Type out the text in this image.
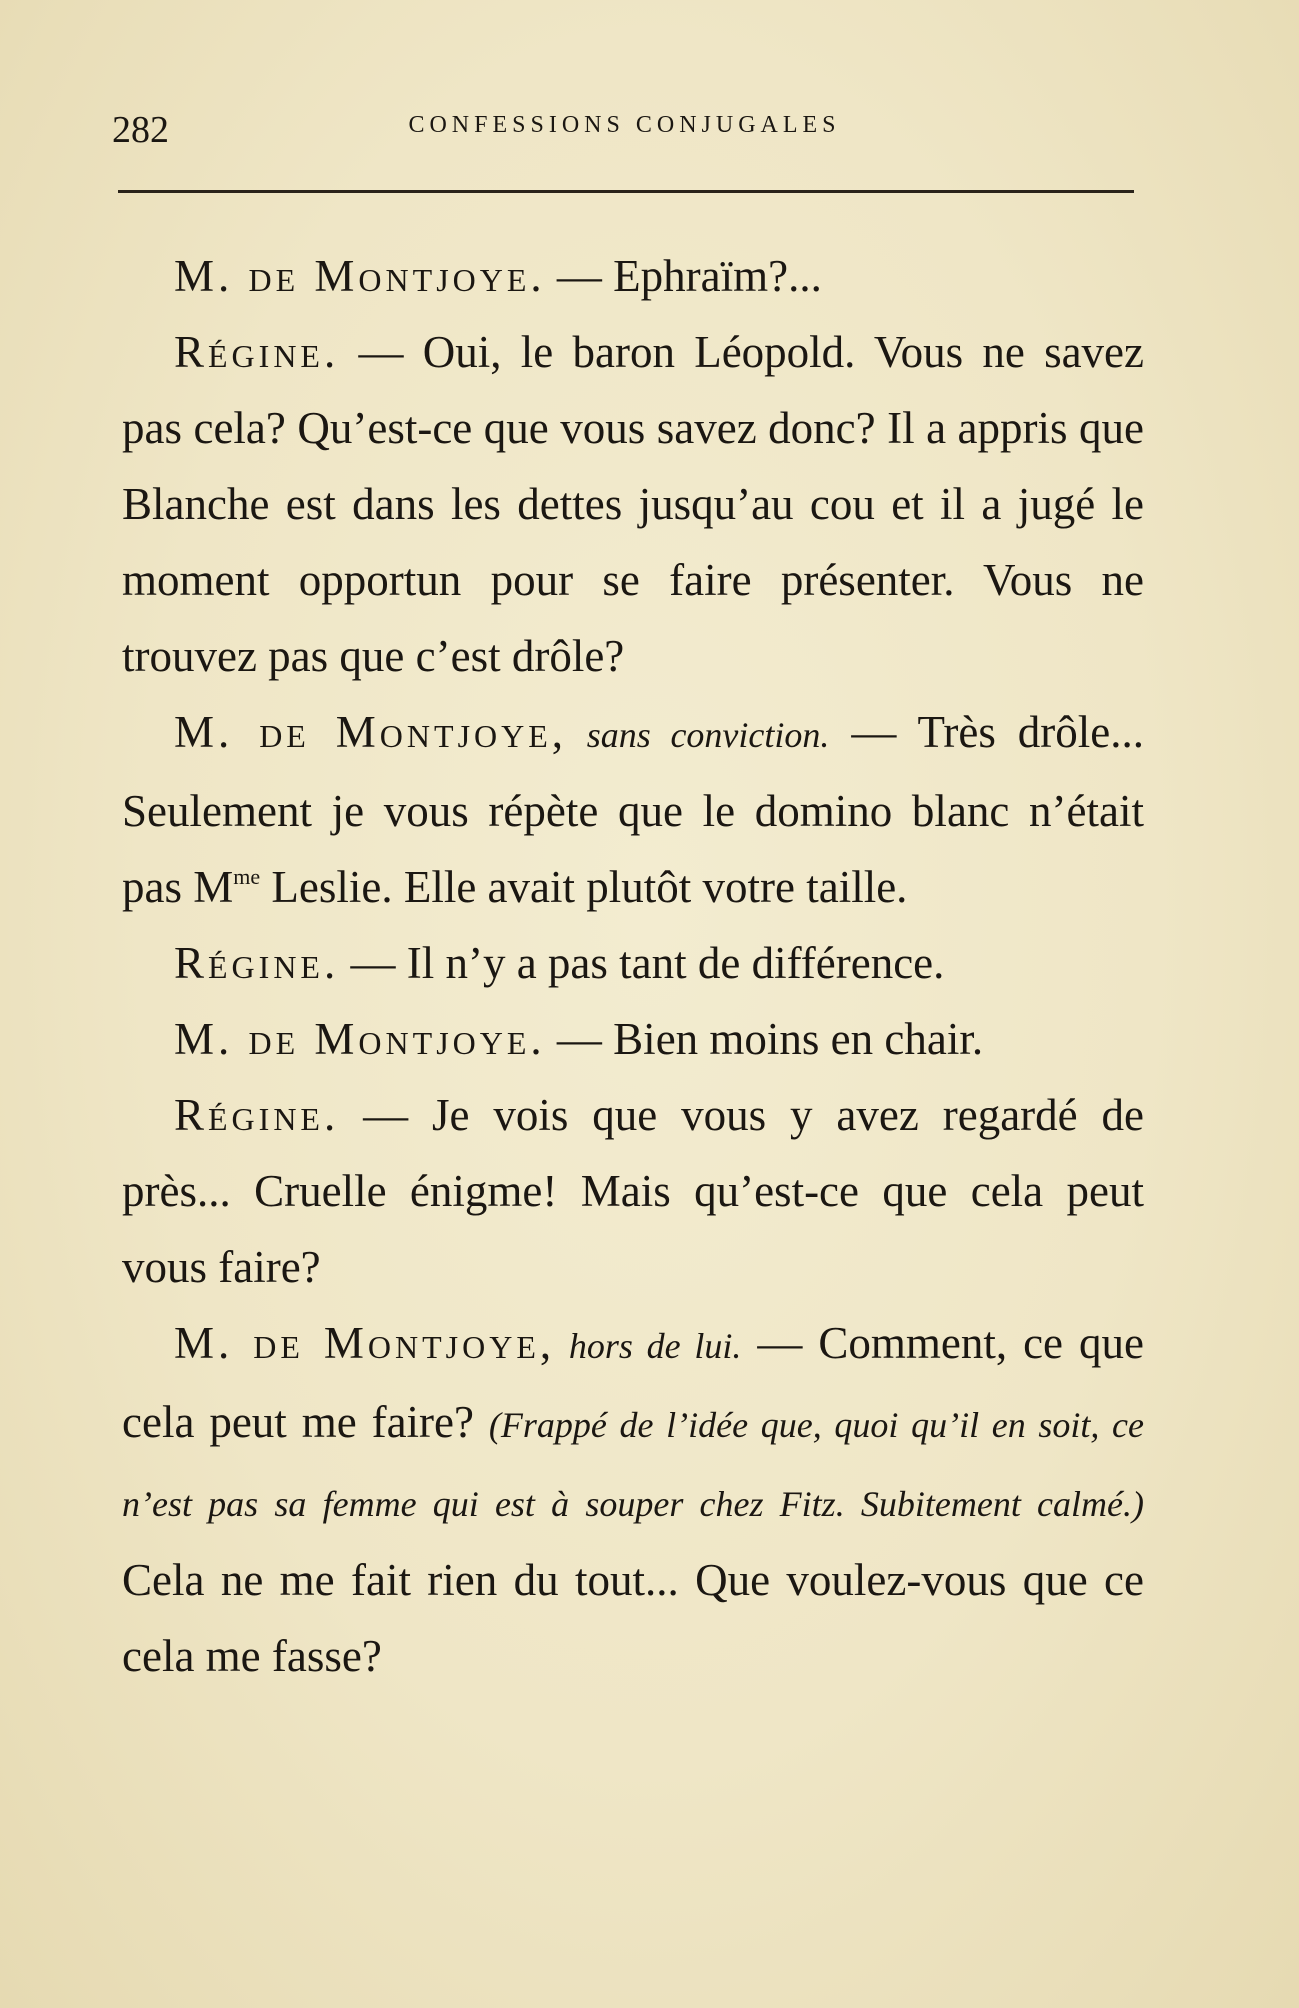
282	CONFESSIONS CONJUGALES

M. de Montjoye. — Ephraïm?...

Régine. — Oui, le baron Léopold. Vous ne savez pas cela? Qu’est-ce que vous savez donc? Il a appris que Blanche est dans les dettes jusqu’au cou et il a jugé le moment opportun pour se faire présenter. Vous ne trouvez pas que c’est drôle?

M. de Montjoye, sans conviction. — Très drôle... Seulement je vous répète que le domino blanc n’était pas $M^{me}$ Leslie. Elle avait plutôt votre taille.

Régine. — Il n’y a pas tant de différence.

M. de Montjoye. — Bien moins en chair.

Régine. — Je vois que vous y avez regardé de près... Cruelle énigme! Mais qu’est-ce que cela peut vous faire?

M. de Montjoye, hors de lui. — Comment, ce que cela peut me faire? (Frappé de l’idée que, quoi qu’il en soit, ce n’est pas sa femme qui est à souper chez Fitz. Subitement calmé.) Cela ne me fait rien du tout... Que voulez-vous que ce cela me fasse?
